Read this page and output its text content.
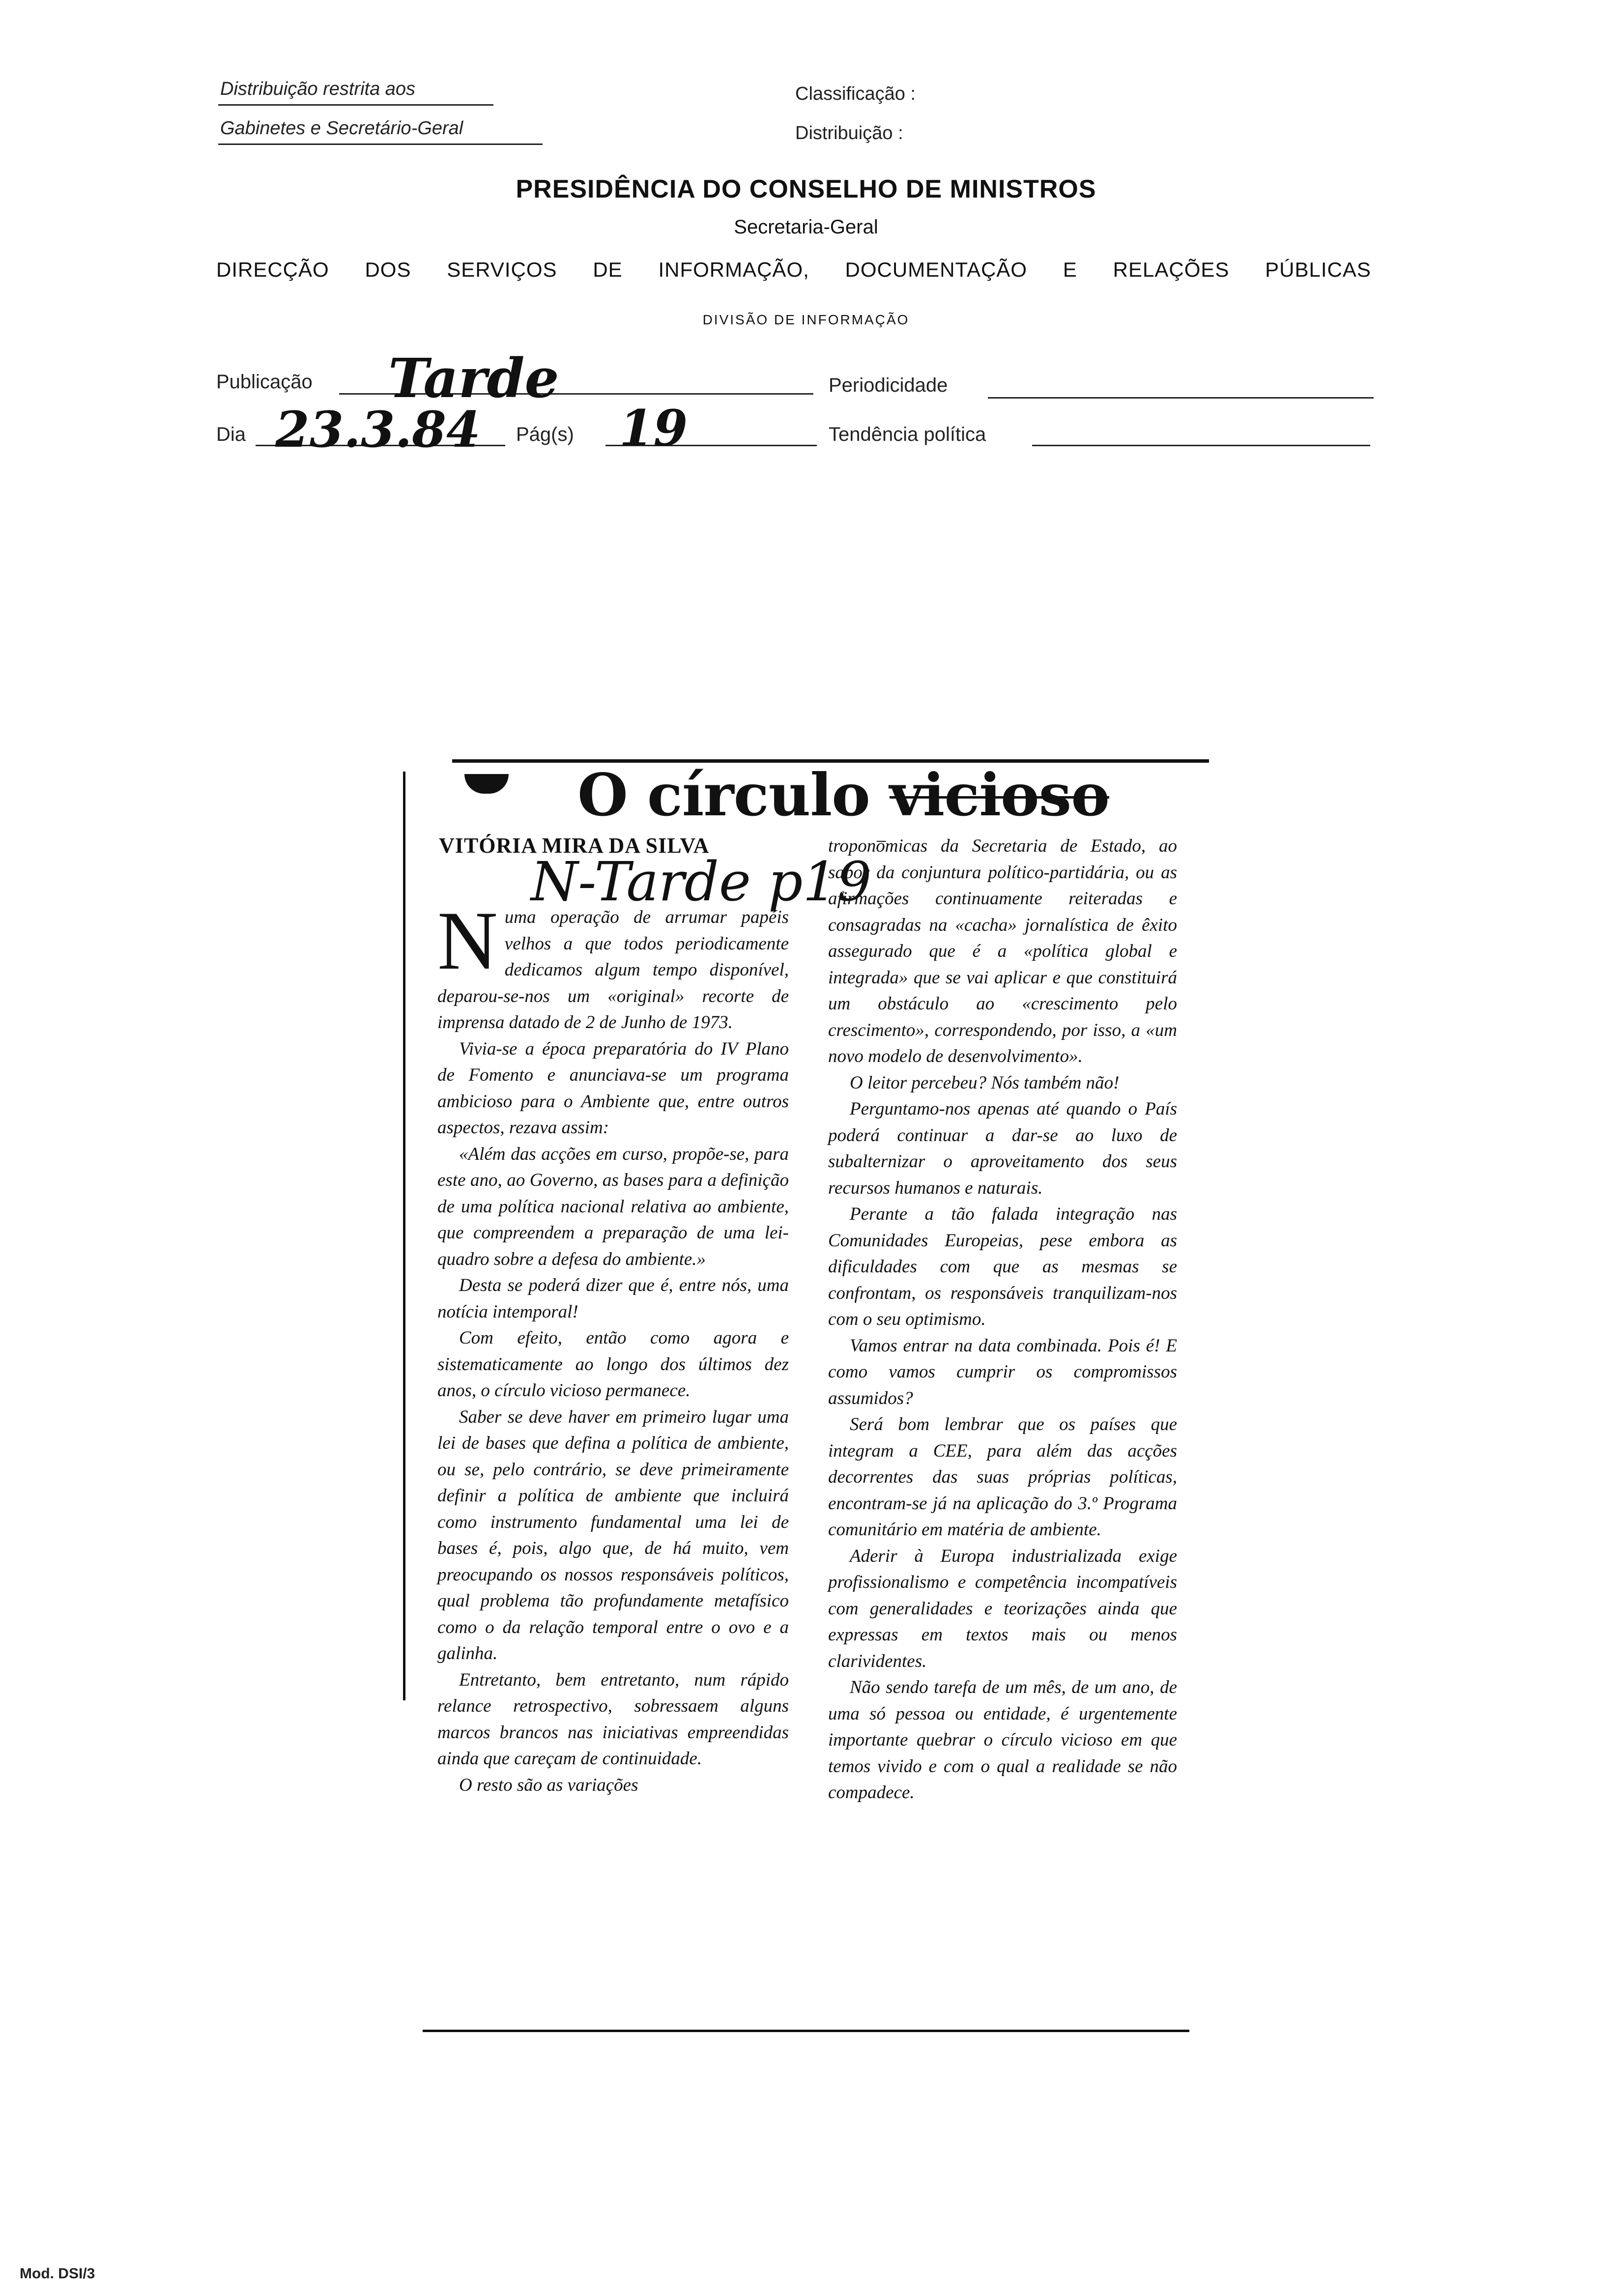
Distribuição restrita aos
Gabinetes e Secretário-Geral
Classificação :
Distribuição :
PRESIDÊNCIA DO CONSELHO DE MINISTROS
Secretaria-Geral
DIRECÇÃO DOS SERVIÇOS DE INFORMAÇÃO, DOCUMENTAÇÃO E RELAÇÕES PÚBLICAS
DIVISÃO DE INFORMAÇÃO
Publicação Tarde	Periodicidade
Dia 23.3.84 Pág(s) 19	Tendência política
O círculo vicioso
VITÓRIA MIRA DA SILVA
N-Tarde p19
N uma operação de arrumar papéis velhos a que todos periodicamente dedicamos algum tempo disponível, deparou-se-nos um «original» recorte de imprensa datado de 2 de Junho de 1973.

Vivia-se a época preparatória do IV Plano de Fomento e anunciava-se um programa ambicioso para o Ambiente que, entre outros aspectos, rezava assim:

«Além das acções em curso, propõe-se, para este ano, ao Governo, as bases para a definição de uma política nacional relativa ao ambiente, que compreendem a preparação de uma lei-quadro sobre a defesa do ambiente.»

Desta se poderá dizer que é, entre nós, uma notícia intemporal!

Com efeito, então como agora e sistematicamente ao longo dos últimos dez anos, o círculo vicioso permanece.

Saber se deve haver em primeiro lugar uma lei de bases que defina a política de ambiente, ou se, pelo contrário, se deve primeiramente definir a política de ambiente que incluirá como instrumento fundamental uma lei de bases é, pois, algo que, de há muito, vem preocupando os nossos responsáveis políticos, qual problema tão profundamente metafísico como o da relação temporal entre o ovo e a galinha.

Entretanto, bem entretanto, num rápido relance retrospectivo, sobressaem alguns marcos brancos nas iniciativas empreendidas ainda que careçam de continuidade.

O resto são as variações

tropono̅micas da Secretaria de Estado, ao sabor da conjuntura político-partidária, ou as afirmações continuamente reiteradas e consagradas na «cacha» jornalística de êxito assegurado que é a «política global e integrada» que se vai aplicar e que constituirá um obstáculo ao «crescimento pelo crescimento», correspondendo, por isso, a «um novo modelo de desenvolvimento».

O leitor percebeu? Nós também não!

Perguntamo-nos apenas até quando o País poderá continuar a dar-se ao luxo de subalternizar o aproveitamento dos seus recursos humanos e naturais.

Perante a tão falada integração nas Comunidades Europeias, pese embora as dificuldades com que as mesmas se confrontam, os responsáveis tranquilizam-nos com o seu optimismo.

Vamos entrar na data combinada. Pois é! E como vamos cumprir os compromissos assumidos?

Será bom lembrar que os países que integram a CEE, para além das acções decorrentes das suas próprias políticas, encontram-se já na aplicação do 3.º Programa comunitário em matéria de ambiente.

Aderir à Europa industrializada exige profissionalismo e competência incompatíveis com generalidades e teorizações ainda que expressas em textos mais ou menos clarividentes.

Não sendo tarefa de um mês, de um ano, de uma só pessoa ou entidade, é urgentemente importante quebrar o círculo vicioso em que temos vivido e com o qual a realidade se não compadece.

Mod. DSI/3
